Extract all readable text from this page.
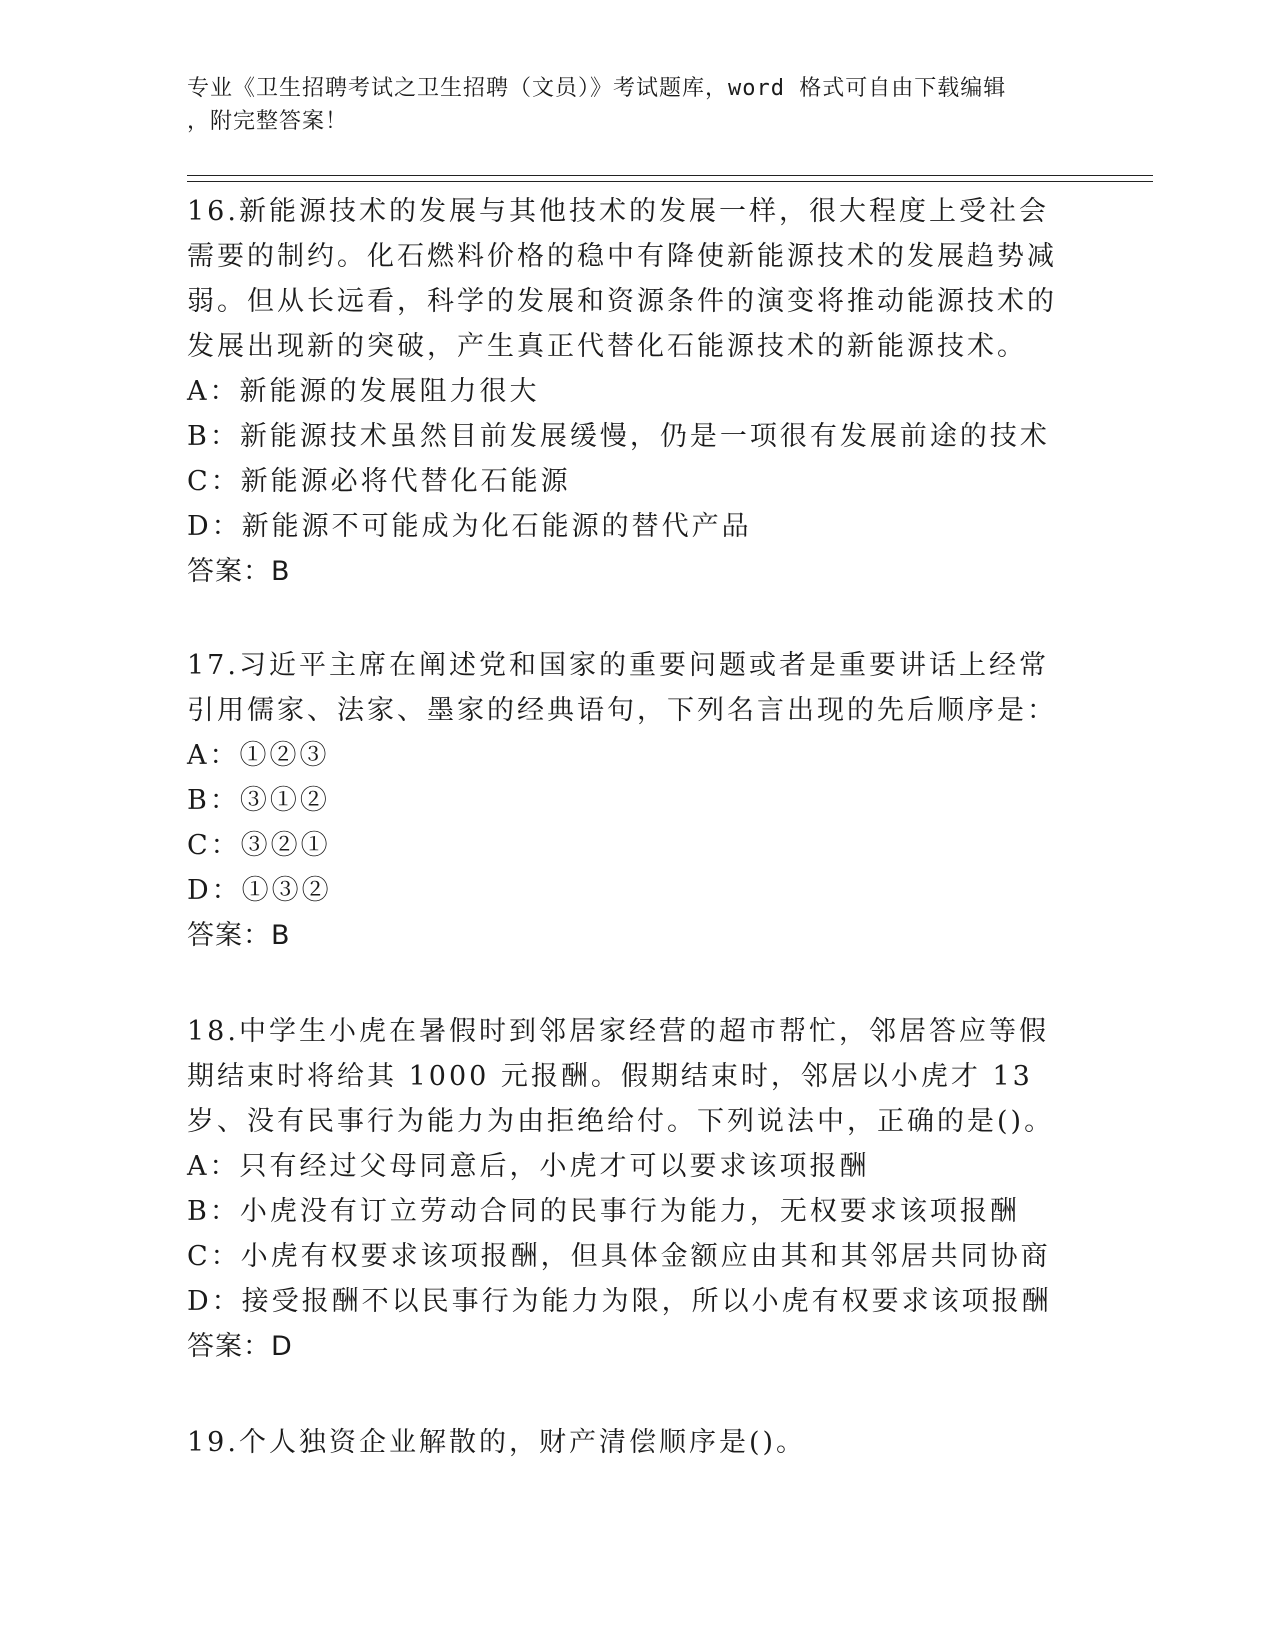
专业《卫生招聘考试之卫生招聘（文员）》考试题库，word 格式可自由下载编辑
，附完整答案！

16.新能源技术的发展与其他技术的发展一样，很大程度上受社会需要的制约。化石燃料价格的稳中有降使新能源技术的发展趋势减弱。但从长远看，科学的发展和资源条件的演变将推动能源技术的发展出现新的突破，产生真正代替化石能源技术的新能源技术。

A：新能源的发展阻力很大

B：新能源技术虽然目前发展缓慢，仍是一项很有发展前途的技术

C：新能源必将代替化石能源

D：新能源不可能成为化石能源的替代产品

答案：B

17.习近平主席在阐述党和国家的重要问题或者是重要讲话上经常引用儒家、法家、墨家的经典语句，下列名言出现的先后顺序是：

A：①②③

B：③①②

C：③②①

D：①③②

答案：B

18.中学生小虎在暑假时到邻居家经营的超市帮忙，邻居答应等假期结束时将给其 1000 元报酬。假期结束时，邻居以小虎才 13 岁、没有民事行为能力为由拒绝给付。下列说法中，正确的是()。

A：只有经过父母同意后，小虎才可以要求该项报酬

B：小虎没有订立劳动合同的民事行为能力，无权要求该项报酬

C：小虎有权要求该项报酬，但具体金额应由其和其邻居共同协商

D：接受报酬不以民事行为能力为限，所以小虎有权要求该项报酬

答案：D

19.个人独资企业解散的，财产清偿顺序是()。
